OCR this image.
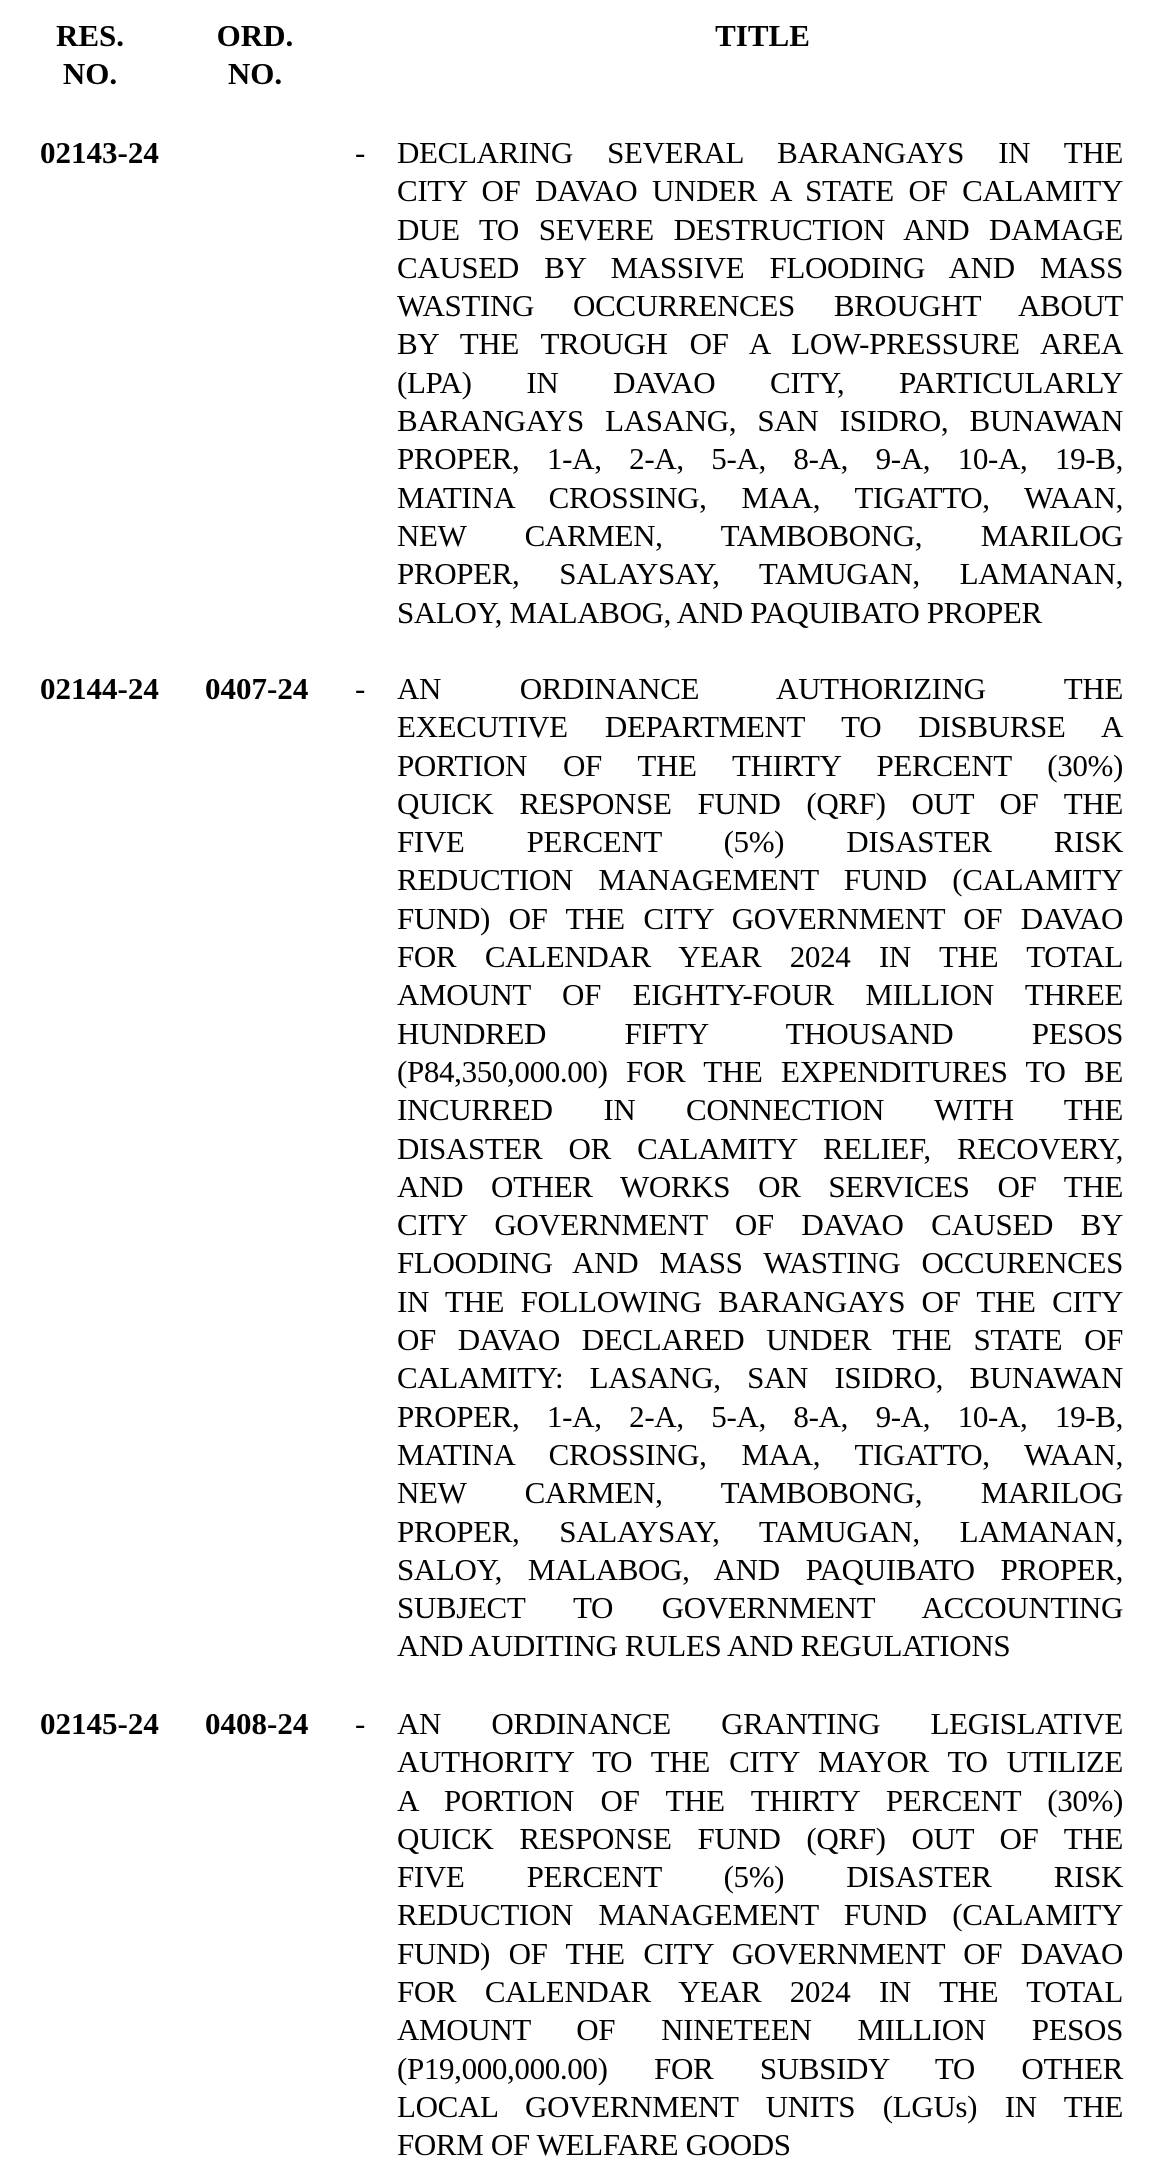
RES.
NO.
ORD.
NO.
TITLE
02143-24	- DECLARING SEVERAL BARANGAYS IN THE
CITY OF DAVAO UNDER A STATE OF CALAMITY
DUE TO SEVERE DESTRUCTION AND DAMAGE
CAUSED BY MASSIVE FLOODING AND MASS
WASTING OCCURRENCES BROUGHT ABOUT
BY THE TROUGH OF A LOW-PRESSURE AREA
(LPA) IN DAVAO CITY, PARTICULARLY
BARANGAYS LASANG, SAN ISIDRO, BUNAWAN
PROPER, 1-A, 2-A, 5-A, 8-A, 9-A, 10-A, 19-B,
MATINA CROSSING, MAA, TIGATTO, WAAN,
NEW CARMEN, TAMBOBONG, MARILOG
PROPER, SALAYSAY, TAMUGAN, LAMANAN,
SALOY, MALABOG, AND PAQUIBATO PROPER
02144-24 0407-24 - AN ORDINANCE AUTHORIZING THE
EXECUTIVE DEPARTMENT TO DISBURSE A
PORTION OF THE THIRTY PERCENT (30%)
QUICK RESPONSE FUND (QRF) OUT OF THE
FIVE PERCENT (5%) DISASTER RISK
REDUCTION MANAGEMENT FUND (CALAMITY
FUND) OF THE CITY GOVERNMENT OF DAVAO
FOR CALENDAR YEAR 2024 IN THE TOTAL
AMOUNT OF EIGHTY-FOUR MILLION THREE
HUNDRED FIFTY THOUSAND PESOS
(P84,350,000.00) FOR THE EXPENDITURES TO BE
INCURRED IN CONNECTION WITH THE
DISASTER OR CALAMITY RELIEF, RECOVERY,
AND OTHER WORKS OR SERVICES OF THE
CITY GOVERNMENT OF DAVAO CAUSED BY
FLOODING AND MASS WASTING OCCURENCES
IN THE FOLLOWING BARANGAYS OF THE CITY
OF DAVAO DECLARED UNDER THE STATE OF
CALAMITY: LASANG, SAN ISIDRO, BUNAWAN
PROPER, 1-A, 2-A, 5-A, 8-A, 9-A, 10-A, 19-B,
MATINA CROSSING, MAA, TIGATTO, WAAN,
NEW CARMEN, TAMBOBONG, MARILOG
PROPER, SALAYSAY, TAMUGAN, LAMANAN,
SALOY, MALABOG, AND PAQUIBATO PROPER,
SUBJECT TO GOVERNMENT ACCOUNTING
AND AUDITING RULES AND REGULATIONS
02145-24 0408-24 - AN ORDINANCE GRANTING LEGISLATIVE
AUTHORITY TO THE CITY MAYOR TO UTILIZE
A PORTION OF THE THIRTY PERCENT (30%)
QUICK RESPONSE FUND (QRF) OUT OF THE
FIVE PERCENT (5%) DISASTER RISK
REDUCTION MANAGEMENT FUND (CALAMITY
FUND) OF THE CITY GOVERNMENT OF DAVAO
FOR CALENDAR YEAR 2024 IN THE TOTAL
AMOUNT OF NINETEEN MILLION PESOS
(P19,000,000.00) FOR SUBSIDY TO OTHER
LOCAL GOVERNMENT UNITS (LGUs) IN THE
FORM OF WELFARE GOODS
